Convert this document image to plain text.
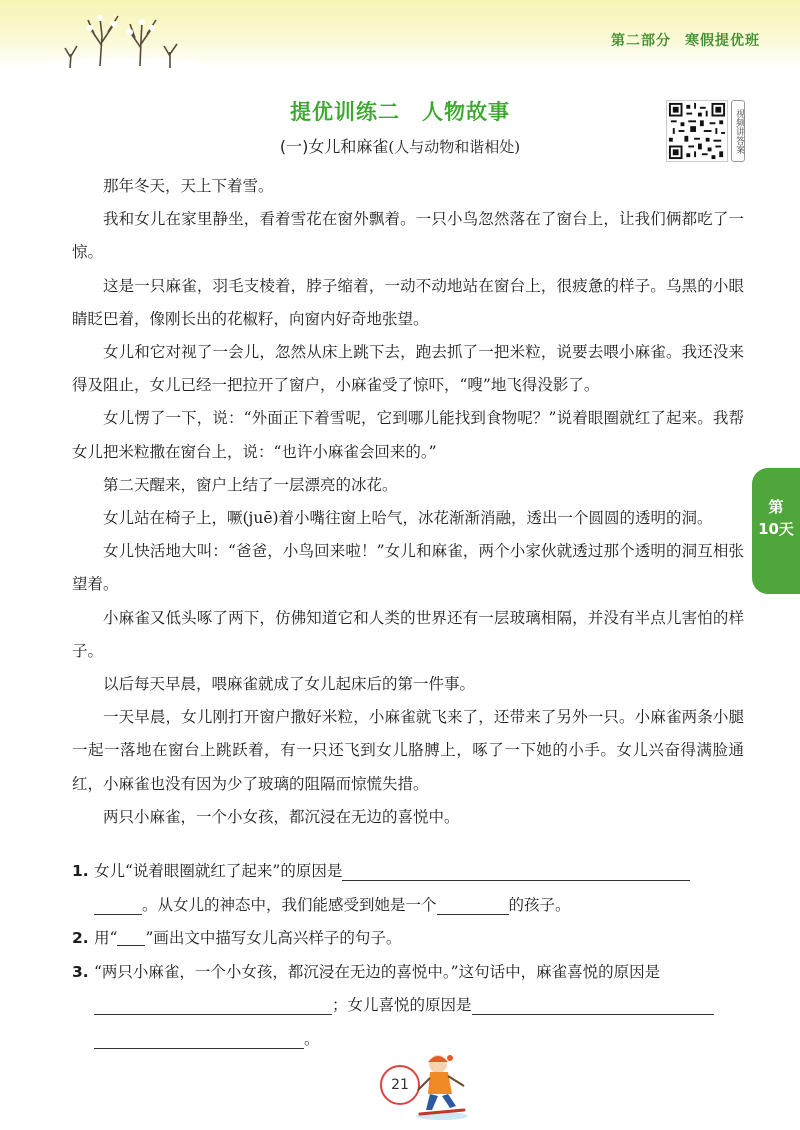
第二部分 寒假提优班
提优训练二　人物故事
(一)女儿和麻雀(人与动物和谐相处)	视频讲答案
第
10天

那年冬天，天上下着雪。

我和女儿在家里静坐，看着雪花在窗外飘着。一只小鸟忽然落在了窗台上，让我们俩都吃了一惊。

这是一只麻雀，羽毛支棱着，脖子缩着，一动不动地站在窗台上，很疲惫的样子。乌黑的小眼睛眨巴着，像刚长出的花椒籽，向窗内好奇地张望。

女儿和它对视了一会儿，忽然从床上跳下去，跑去抓了一把米粒，说要去喂小麻雀。我还没来得及阻止，女儿已经一把拉开了窗户，小麻雀受了惊吓，“嗖”地飞得没影了。

女儿愣了一下，说：“外面正下着雪呢，它到哪儿能找到食物呢？”说着眼圈就红了起来。我帮女儿把米粒撒在窗台上，说：“也许小麻雀会回来的。”

第二天醒来，窗户上结了一层漂亮的冰花。

女儿站在椅子上，噘(juē)着小嘴往窗上哈气，冰花渐渐消融，透出一个圆圆的透明的洞。

女儿快活地大叫：“爸爸，小鸟回来啦！”女儿和麻雀，两个小家伙就透过那个透明的洞互相张望着。

小麻雀又低头啄了两下，仿佛知道它和人类的世界还有一层玻璃相隔，并没有半点儿害怕的样子。

以后每天早晨，喂麻雀就成了女儿起床后的第一件事。

一天早晨，女儿刚打开窗户撒好米粒，小麻雀就飞来了，还带来了另外一只。小麻雀两条小腿一起一落地在窗台上跳跃着，有一只还飞到女儿胳膊上，啄了一下她的小手。女儿兴奋得满脸通红，小麻雀也没有因为少了玻璃的阻隔而惊慌失措。

两只小麻雀，一个小女孩，都沉浸在无边的喜悦中。

1. 女儿“说着眼圈就红了起来”的原因是
。从女儿的神态中，我们能感受到她是一个	的孩子。
2. 用“ ”画出文中描写女儿高兴样子的句子。
3. “两只小麻雀，一个小女孩，都沉浸在无边的喜悦中。”这句话中，麻雀喜悦的原因是
；女儿喜悦的原因是
。
21
